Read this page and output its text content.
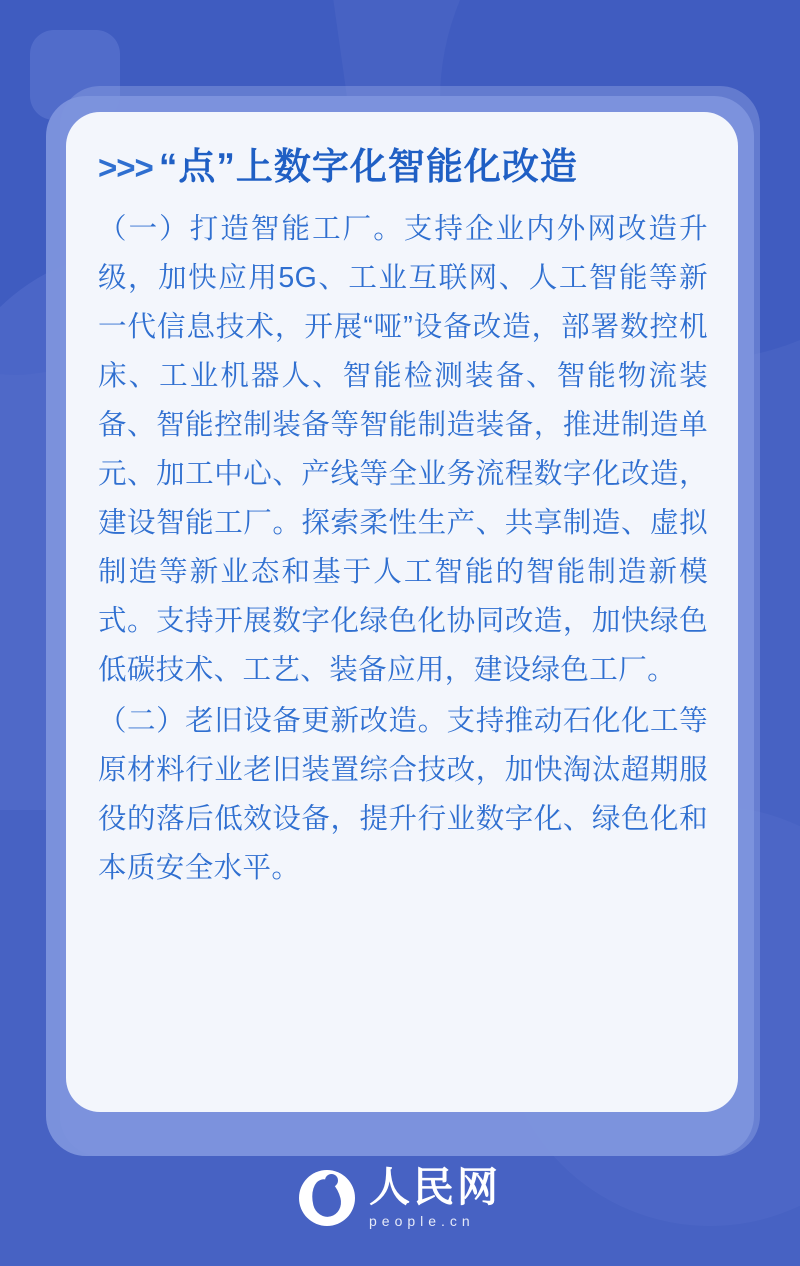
>>> “点”上数字化智能化改造

（一）打造智能工厂。支持企业内外网改造升级，加快应用5G、工业互联网、人工智能等新一代信息技术，开展“哑”设备改造，部署数控机床、工业机器人、智能检测装备、智能物流装备、智能控制装备等智能制造装备，推进制造单元、加工中心、产线等全业务流程数字化改造，建设智能工厂。探索柔性生产、共享制造、虚拟制造等新业态和基于人工智能的智能制造新模式。支持开展数字化绿色化协同改造，加快绿色低碳技术、工艺、装备应用，建设绿色工厂。

（二）老旧设备更新改造。支持推动石化化工等原材料行业老旧装置综合技改，加快淘汰超期服役的落后低效设备，提升行业数字化、绿色化和本质安全水平。

人民网
people.cn
